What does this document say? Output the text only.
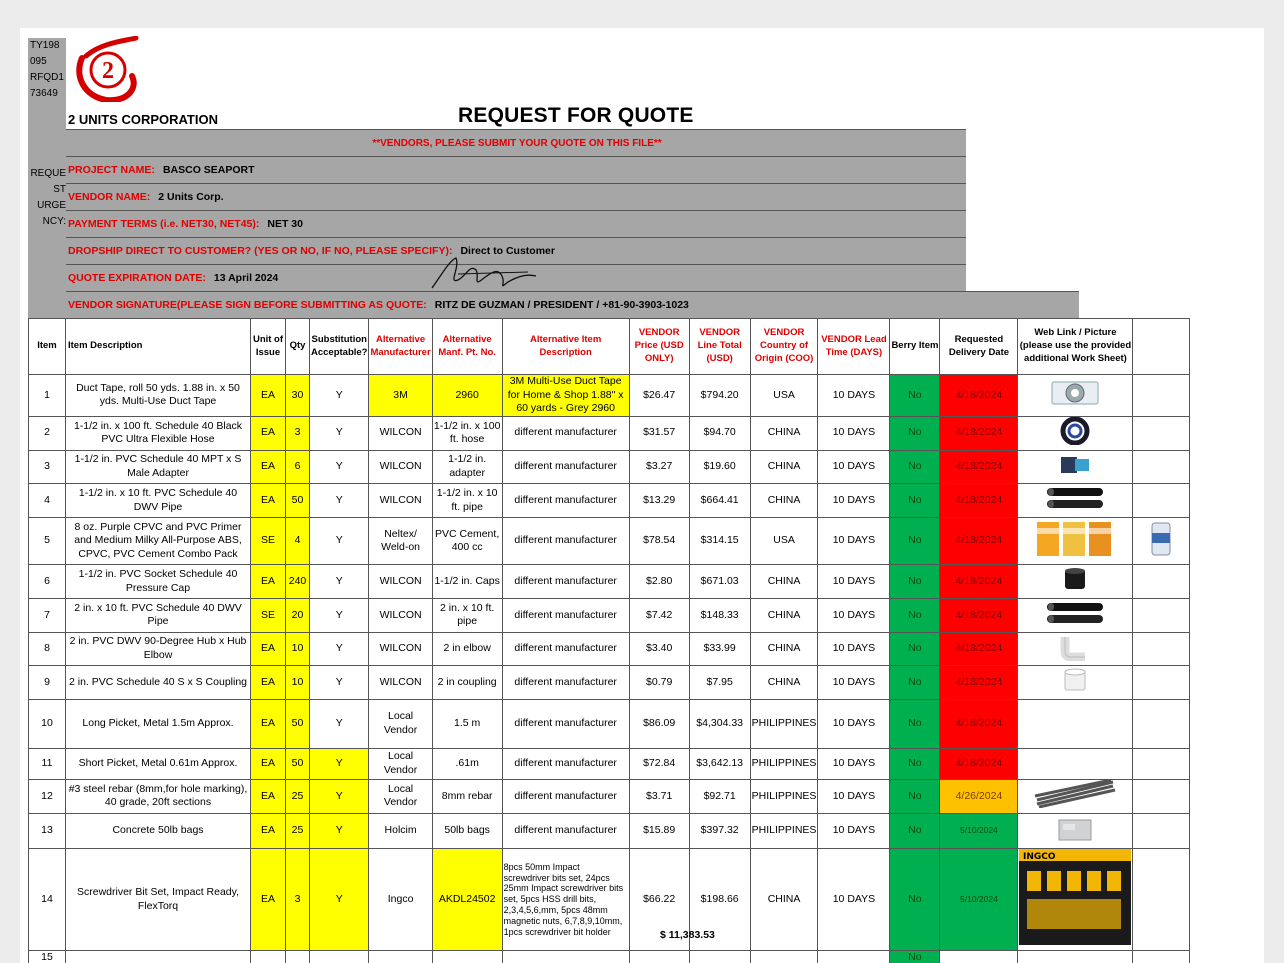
TY198 095 RFQD1 73649
REQUE ST URGE NCY:
2
2 UNITS CORPORATION	REQUEST FOR QUOTE
**VENDORS, PLEASE SUBMIT YOUR QUOTE ON THIS FILE**
PROJECT NAME: BASCO SEAPORT
VENDOR NAME: 2 Units Corp.
PAYMENT TERMS (i.e. NET30, NET45): NET 30
DROPSHIP DIRECT TO CUSTOMER? (YES OR NO, IF NO, PLEASE SPECIFY): Direct to Customer
QUOTE EXPIRATION DATE: 13 April 2024
VENDOR SIGNATURE(PLEASE SIGN BEFORE SUBMITTING AS QUOTE: RITZ DE GUZMAN / PRESIDENT / +81-90-3903-1023
Item	Item Description	Unit of Issue	Qty	Substitution Acceptable?	Alternative Manufacturer	Alternative Manf. Pt. No.	Alternative Item Description	VENDOR Price (USD ONLY)	VENDOR Line Total (USD)	VENDOR Country of Origin (COO)	VENDOR Lead Time (DAYS)	Berry Item	Requested Delivery Date	Web Link / Picture (please use the provided additional Work Sheet)	
1	Duct Tape, roll 50 yds. 1.88 in. x 50 yds. Multi-Use Duct Tape	EA	30	Y	3M	2960	3M Multi-Use Duct Tape for Home & Shop 1.88" x 60 yards - Grey 2960	$26.47	$794.20	USA	10 DAYS	No	4/18/2024		
2	1-1/2 in. x 100 ft. Schedule 40 Black PVC Ultra Flexible Hose	EA	3	Y	WILCON	1-1/2 in. x 100 ft. hose	different manufacturer	$31.57	$94.70	CHINA	10 DAYS	No	4/18/2024		
3	1-1/2 in. PVC Schedule 40 MPT x S Male Adapter	EA	6	Y	WILCON	1-1/2 in. adapter	different manufacturer	$3.27	$19.60	CHINA	10 DAYS	No	4/18/2024		
4	1-1/2 in. x 10 ft. PVC Schedule 40 DWV Pipe	EA	50	Y	WILCON	1-1/2 in. x 10 ft. pipe	different manufacturer	$13.29	$664.41	CHINA	10 DAYS	No	4/18/2024		
5	8 oz. Purple CPVC and PVC Primer and Medium Milky All-Purpose ABS, CPVC, PVC Cement Combo Pack	SE	4	Y	Neltex/ Weld-on	PVC Cement, 400 cc	different manufacturer	$78.54	$314.15	USA	10 DAYS	No	4/18/2024		
6	1-1/2 in. PVC Socket Schedule 40 Pressure Cap	EA	240	Y	WILCON	1-1/2 in. Caps	different manufacturer	$2.80	$671.03	CHINA	10 DAYS	No	4/18/2024		
7	2 in. x 10 ft. PVC Schedule 40 DWV Pipe	SE	20	Y	WILCON	2 in. x 10 ft. pipe	different manufacturer	$7.42	$148.33	CHINA	10 DAYS	No	4/18/2024		
8	2 in. PVC DWV 90-Degree Hub x Hub Elbow	EA	10	Y	WILCON	2 in elbow	different manufacturer	$3.40	$33.99	CHINA	10 DAYS	No	4/18/2024		
9	2 in. PVC Schedule 40 S x S Coupling	EA	10	Y	WILCON	2 in coupling	different manufacturer	$0.79	$7.95	CHINA	10 DAYS	No	4/18/2024		
10	Long Picket, Metal 1.5m Approx.	EA	50	Y	Local Vendor	1.5 m	different manufacturer	$86.09	$4,304.33	PHILIPPINES	10 DAYS	No	4/18/2024		
11	Short Picket, Metal 0.61m Approx.	EA	50	Y	Local Vendor	.61m	different manufacturer	$72.84	$3,642.13	PHILIPPINES	10 DAYS	No	4/18/2024		
12	#3 steel rebar (8mm,for hole marking), 40 grade, 20ft sections	EA	25	Y	Local Vendor	8mm rebar	different manufacturer	$3.71	$92.71	PHILIPPINES	10 DAYS	No	4/26/2024		
13	Concrete 50lb bags	EA	25	Y	Holcim	50lb bags	different manufacturer	$15.89	$397.32	PHILIPPINES	10 DAYS	No	5/10/2024		
14	Screwdriver Bit Set, Impact Ready, FlexTorq	EA	3	Y	Ingco	AKDL24502	8pcs 50mm Impact screwdriver bits set, 24pcs 25mm Impact screwdriver bits set, 5pcs HSS drill bits, 2,3,4,5,6,mm, 5pcs 48mm magnetic nuts, 6,7,8,9,10mm, 1pcs screwdriver bit holder	$66.22	$198.66	CHINA	10 DAYS	No	5/10/2024	INGCO	

15												No			
$ 11,383.53
